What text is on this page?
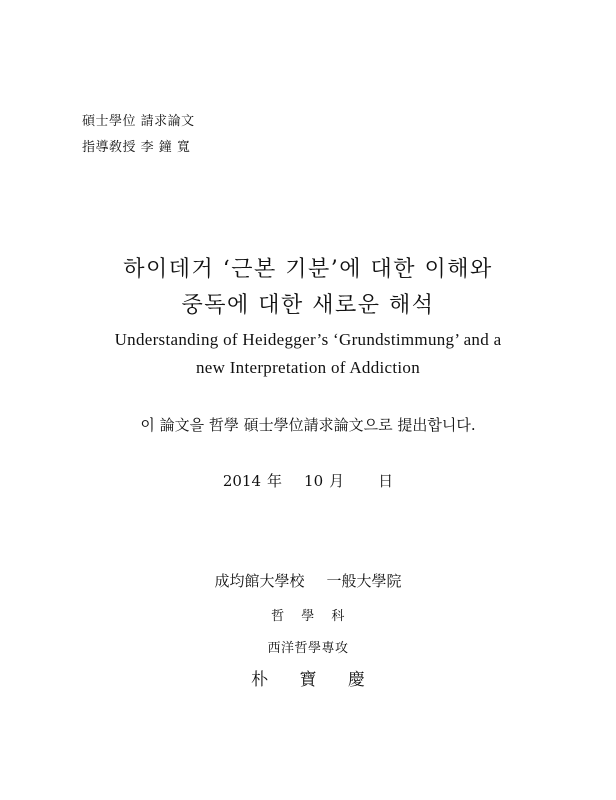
碩士學位 請求論文
指導敎授 李 鐘 寬
하이데거 ‘근본 기분’에 대한 이해와
중독에 대한 새로운 해석
Understanding of Heidegger’s ‘Grundstimmung’ and a
new Interpretation of Addiction
이 論文을 哲學 碩士學位請求論文으로 提出합니다.
2014 年 10 月 日
成均館大學校 一般大學院
哲 學 科
西洋哲學專攻
朴 寶 慶
